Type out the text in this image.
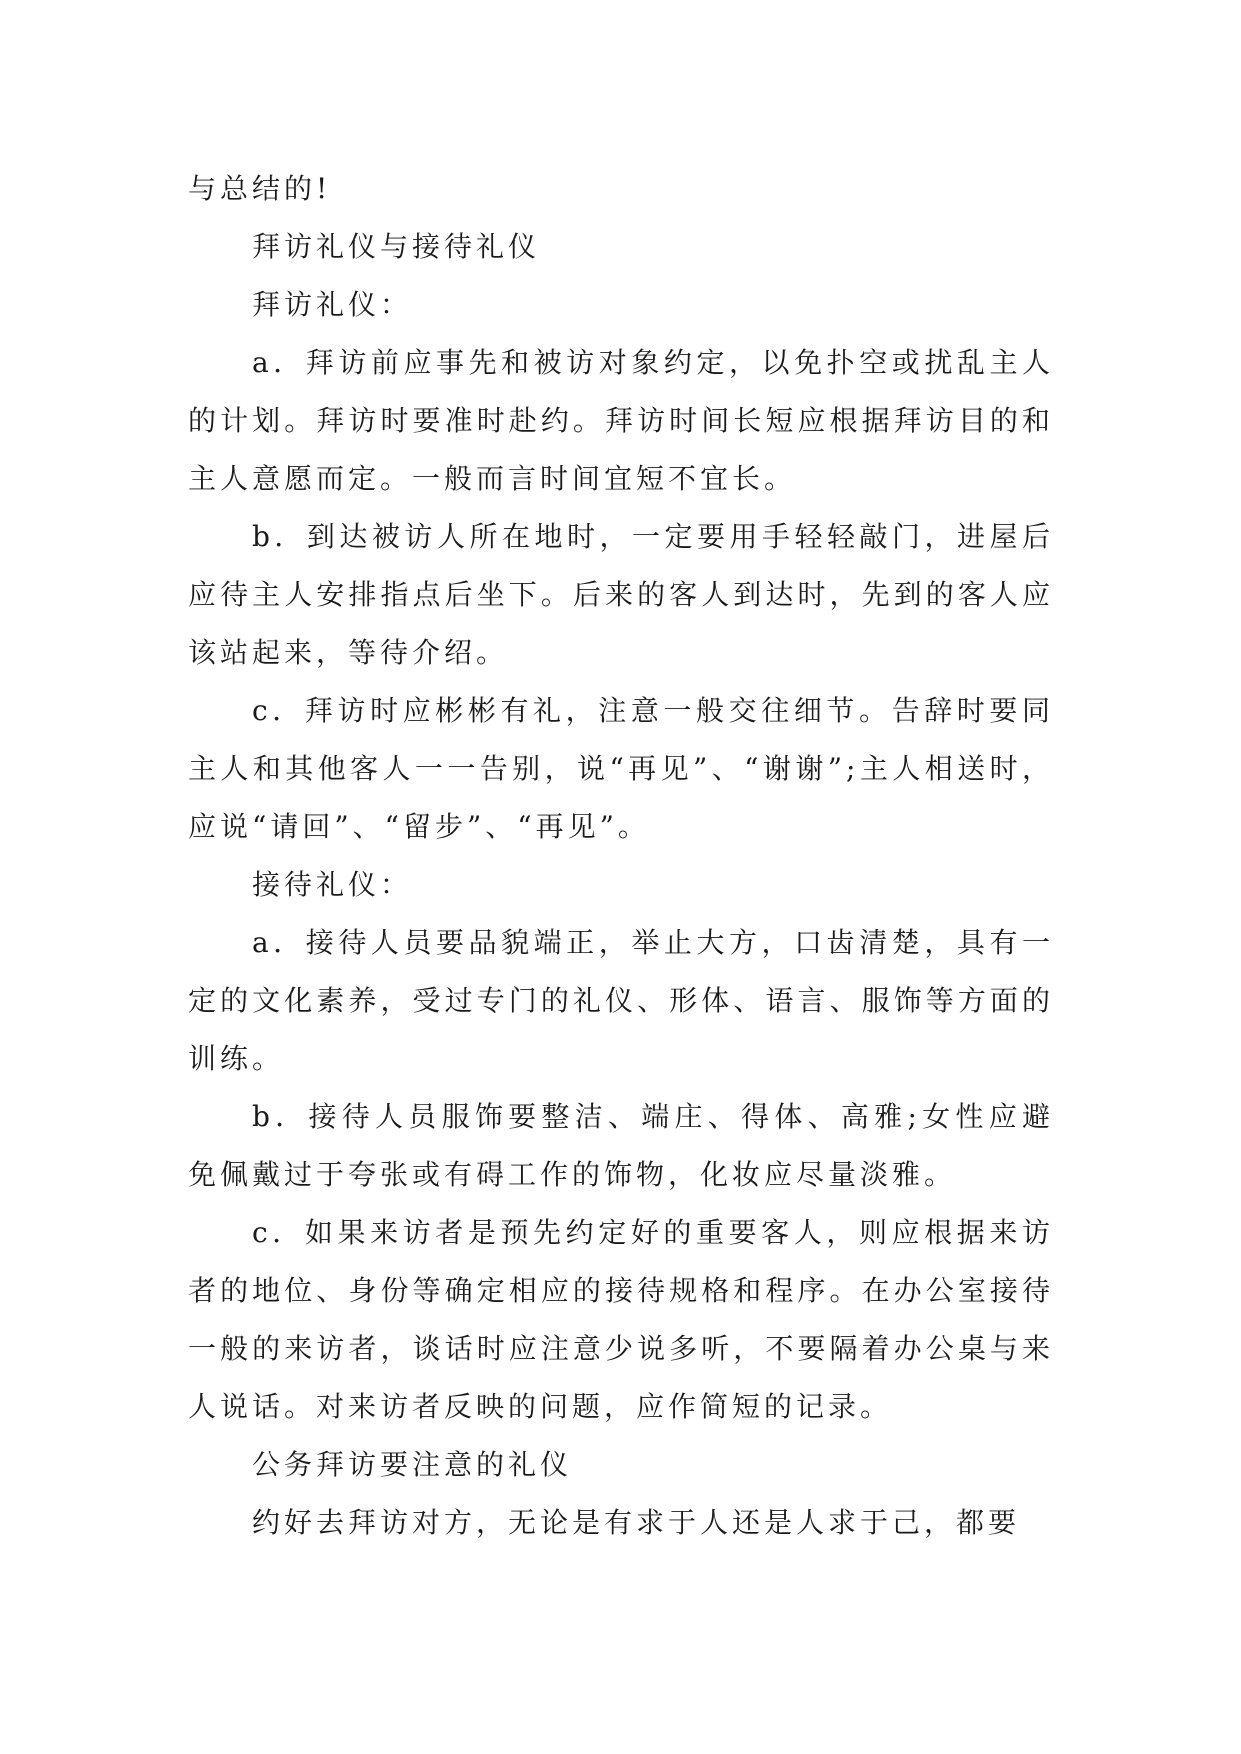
与总结的!

拜访礼仪与接待礼仪

拜访礼仪：

a．拜访前应事先和被访对象约定，以免扑空或扰乱主人的计划。拜访时要准时赴约。拜访时间长短应根据拜访目的和主人意愿而定。一般而言时间宜短不宜长。

b．到达被访人所在地时，一定要用手轻轻敲门，进屋后应待主人安排指点后坐下。后来的客人到达时，先到的客人应该站起来，等待介绍。

c．拜访时应彬彬有礼，注意一般交往细节。告辞时要同主人和其他客人一一告别，说“再见”、“谢谢”;主人相送时，应说“请回”、“留步”、“再见”。

接待礼仪：

a．接待人员要品貌端正，举止大方，口齿清楚，具有一定的文化素养，受过专门的礼仪、形体、语言、服饰等方面的训练。

b．接待人员服饰要整洁、端庄、得体、高雅;女性应避免佩戴过于夸张或有碍工作的饰物，化妆应尽量淡雅。

c．如果来访者是预先约定好的重要客人，则应根据来访者的地位、身份等确定相应的接待规格和程序。在办公室接待一般的来访者，谈话时应注意少说多听，不要隔着办公桌与来人说话。对来访者反映的问题，应作简短的记录。

公务拜访要注意的礼仪

约好去拜访对方，无论是有求于人还是人求于己，都要
